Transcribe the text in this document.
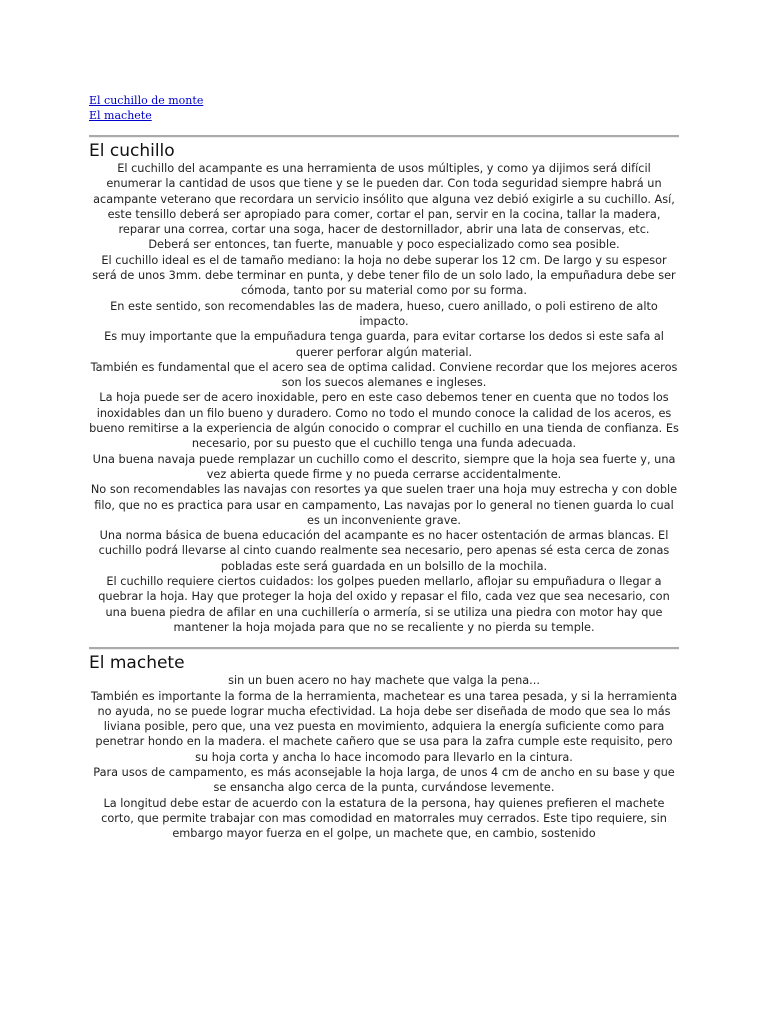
El cuchillo de monte
El machete
El cuchillo

El cuchillo del acampante es una herramienta de usos múltiples, y como ya dijimos será difícil enumerar la cantidad de usos que tiene y se le pueden dar. Con toda seguridad siempre habrá un acampante veterano que recordara un servicio insólito que alguna vez debió exigirle a su cuchillo. Así, este tensillo deberá ser apropiado para comer, cortar el pan, servir en la cocina, tallar la madera, reparar una correa, cortar una soga, hacer de destornillador, abrir una lata de conservas, etc.

Deberá ser entonces, tan fuerte, manuable y poco especializado como sea posible.

El cuchillo ideal es el de tamaño mediano: la hoja no debe superar los 12 cm. De largo y su espesor será de unos 3mm. debe terminar en punta, y debe tener filo de un solo lado, la empuñadura debe ser cómoda, tanto por su material como por su forma.

En este sentido, son recomendables las de madera, hueso, cuero anillado, o poli estireno de alto impacto.

Es muy importante que la empuñadura tenga guarda, para evitar cortarse los dedos si este safa al querer perforar algún material.

También es fundamental que el acero sea de optima calidad. Conviene recordar que los mejores aceros son los suecos alemanes e ingleses.

La hoja puede ser de acero inoxidable, pero en este caso debemos tener en cuenta que no todos los inoxidables dan un filo bueno y duradero. Como no todo el mundo conoce la calidad de los aceros, es bueno remitirse a la experiencia de algún conocido o comprar el cuchillo en una tienda de confianza. Es necesario, por su puesto que el cuchillo tenga una funda adecuada.

Una buena navaja puede remplazar un cuchillo como el descrito, siempre que la hoja sea fuerte y, una vez abierta quede firme y no pueda cerrarse accidentalmente.

No son recomendables las navajas con resortes ya que suelen traer una hoja muy estrecha y con doble filo, que no es practica para usar en campamento, Las navajas por lo general no tienen guarda lo cual es un inconveniente grave.

Una norma básica de buena educación del acampante es no hacer ostentación de armas blancas. El cuchillo podrá llevarse al cinto cuando realmente sea necesario, pero apenas sé esta cerca de zonas pobladas este será guardada en un bolsillo de la mochila.

El cuchillo requiere ciertos cuidados: los golpes pueden mellarlo, aflojar su empuñadura o llegar a quebrar la hoja. Hay que proteger la hoja del oxido y repasar el filo, cada vez que sea necesario, con una buena piedra de afilar en una cuchillería o armería, si se utiliza una piedra con motor hay que mantener la hoja mojada para que no se recaliente y no pierda su temple.

El machete

sin un buen acero no hay machete que valga la pena...

También es importante la forma de la herramienta, machetear es una tarea pesada, y si la herramienta no ayuda, no se puede lograr mucha efectividad. La hoja debe ser diseñada de modo que sea lo más liviana posible, pero que, una vez puesta en movimiento, adquiera la energía suficiente como para penetrar hondo en la madera. el machete cañero que se usa para la zafra cumple este requisito, pero su hoja corta y ancha lo hace incomodo para llevarlo en la cintura.

Para usos de campamento, es más aconsejable la hoja larga, de unos 4 cm de ancho en su base y que se ensancha algo cerca de la punta, curvándose levemente.

La longitud debe estar de acuerdo con la estatura de la persona, hay quienes prefieren el machete corto, que permite trabajar con mas comodidad en matorrales muy cerrados. Este tipo requiere, sin embargo mayor fuerza en el golpe, un machete que, en cambio, sostenido
